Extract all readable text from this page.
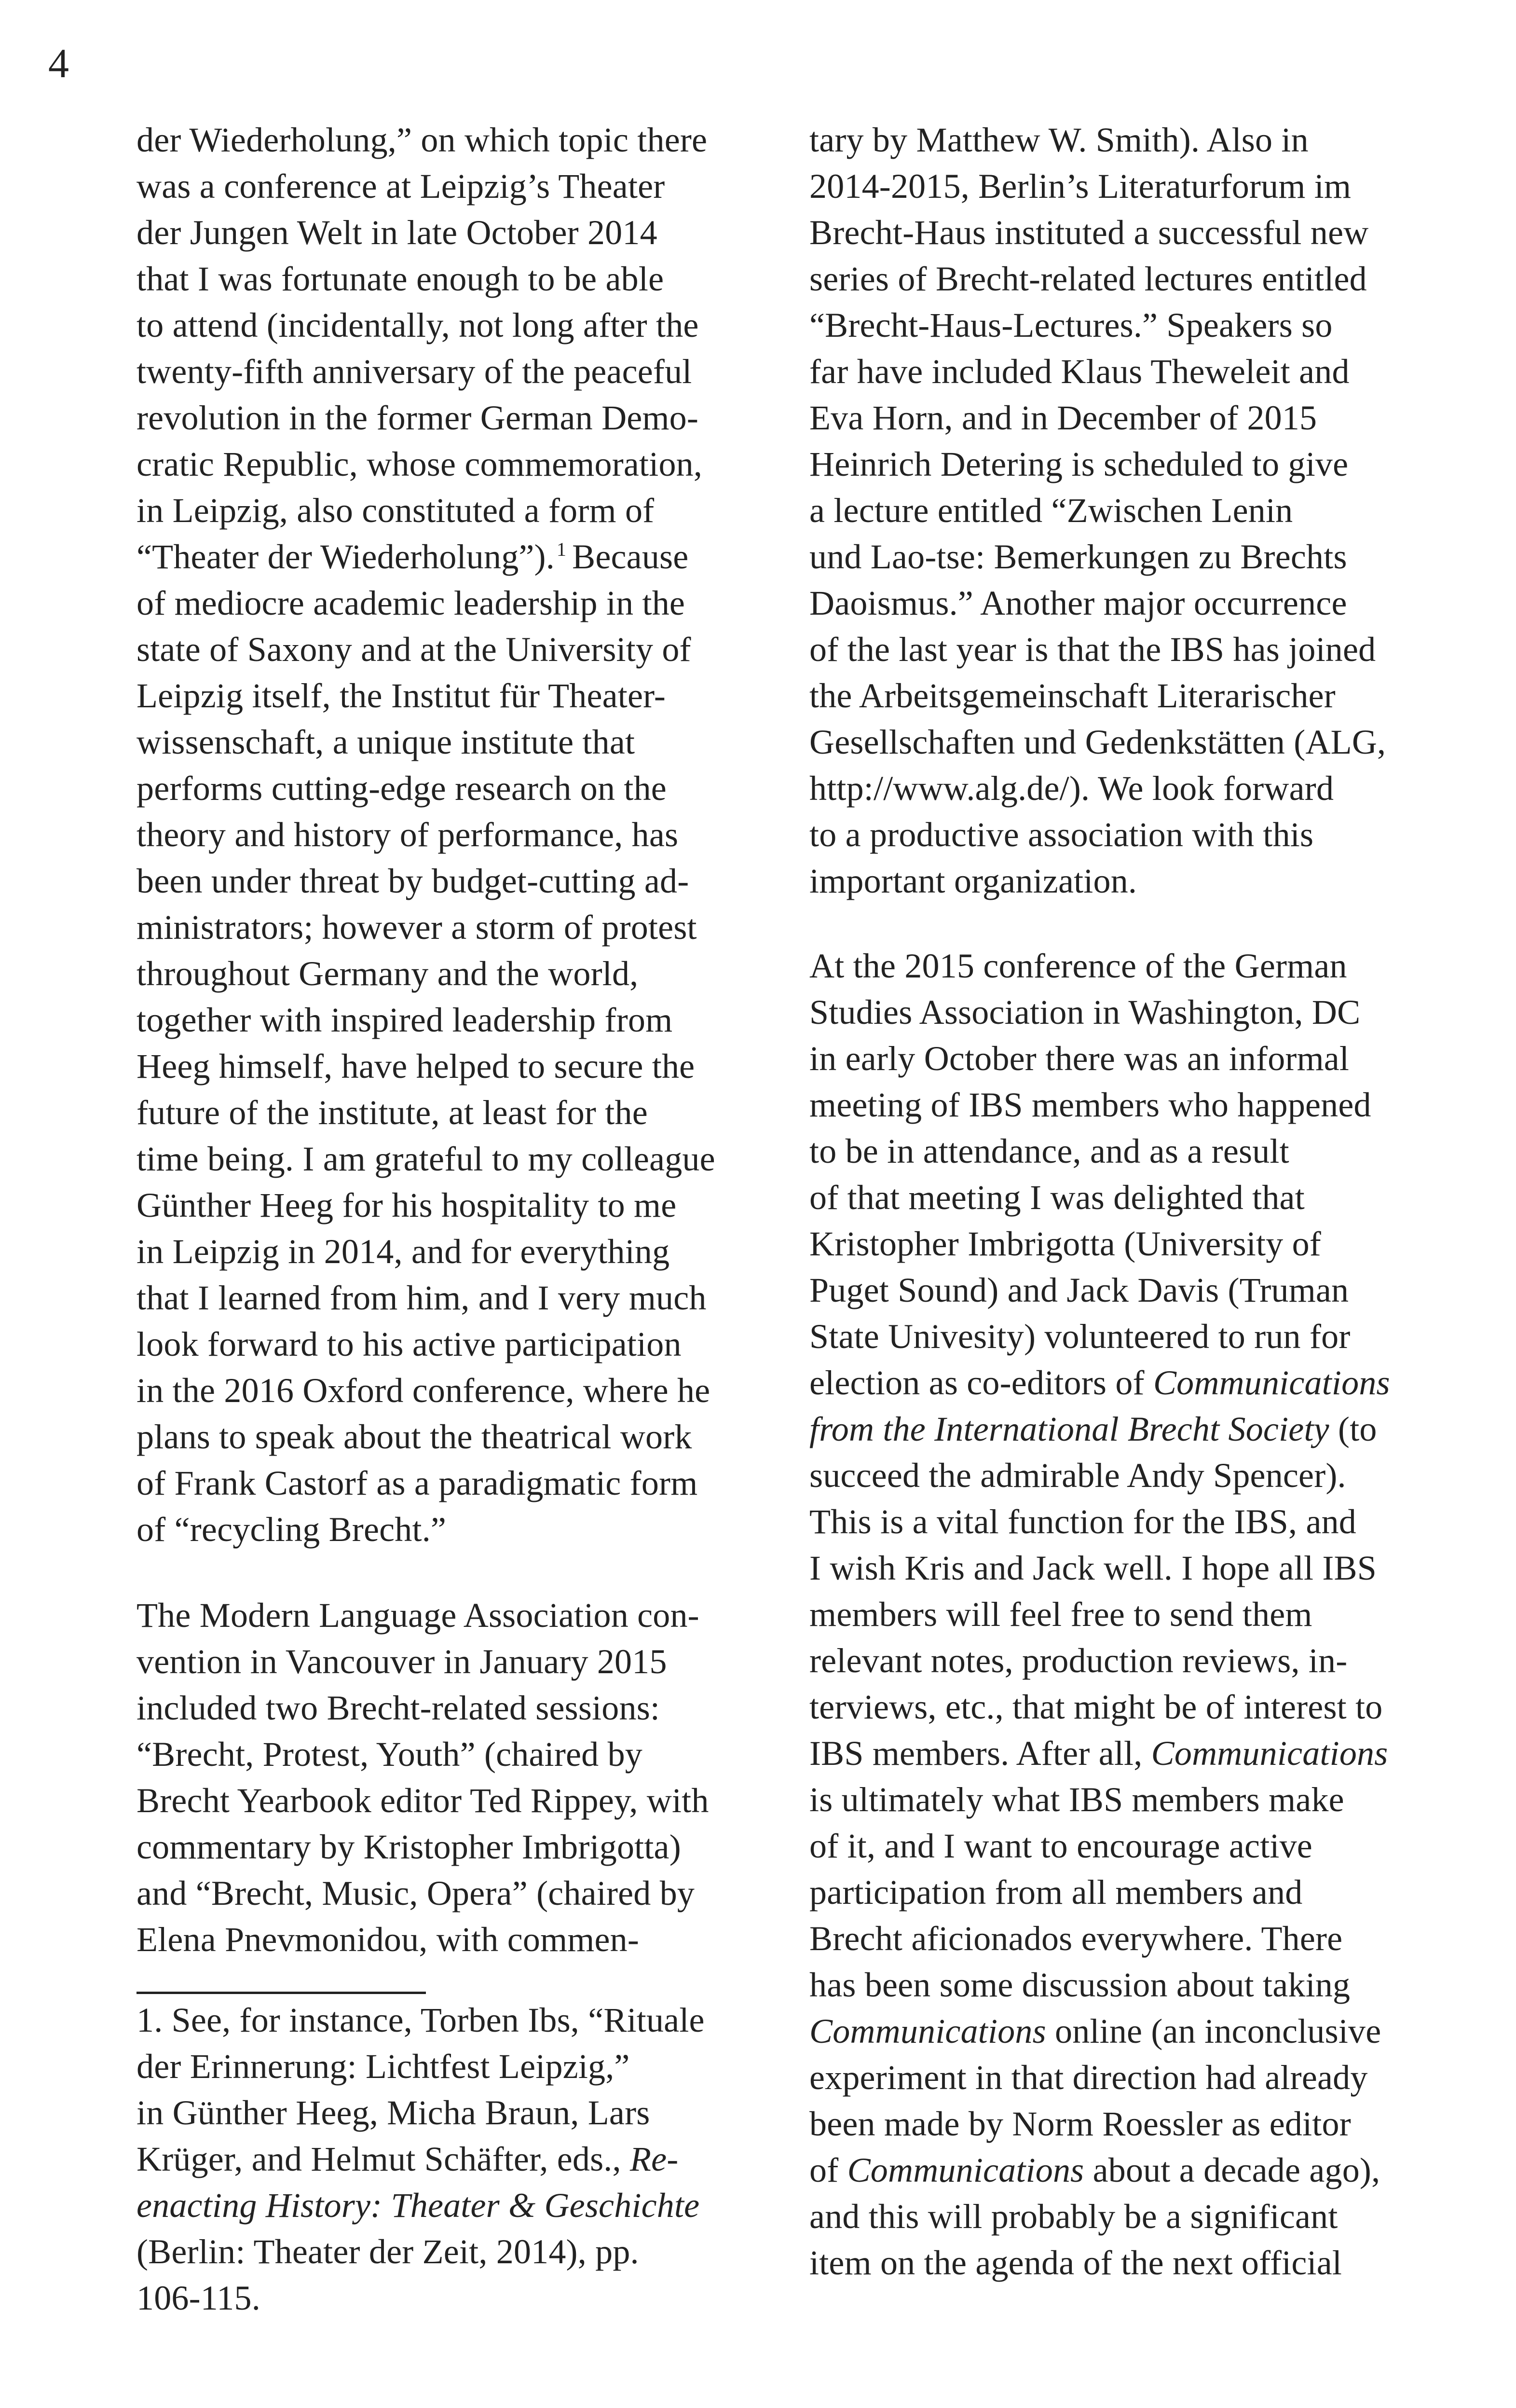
4
der Wiederholung,” on which topic there
was a conference at Leipzig’s Theater
der Jungen Welt in late October 2014
that I was fortunate enough to be able
to attend (incidentally, not long after the
twenty-fifth anniversary of the peaceful
revolution in the former German Demo-
cratic Republic, whose commemoration,
in Leipzig, also constituted a form of
“Theater der Wiederholung”). $^1$ Because
of mediocre academic leadership in the
state of Saxony and at the University of
Leipzig itself, the Institut für Theater-
wissenschaft, a unique institute that
performs cutting-edge research on the
theory and history of performance, has
been under threat by budget-cutting ad-
ministrators; however a storm of protest
throughout Germany and the world,
together with inspired leadership from
Heeg himself, have helped to secure the
future of the institute, at least for the
time being. I am grateful to my colleague
Günther Heeg for his hospitality to me
in Leipzig in 2014, and for everything
that I learned from him, and I very much
look forward to his active participation
in the 2016 Oxford conference, where he
plans to speak about the theatrical work
of Frank Castorf as a paradigmatic form
of “recycling Brecht.”
The Modern Language Association con-
vention in Vancouver in January 2015
included two Brecht-related sessions:
“Brecht, Protest, Youth” (chaired by
Brecht Yearbook editor Ted Rippey, with
commentary by Kristopher Imbrigotta)
and “Brecht, Music, Opera” (chaired by
Elena Pnevmonidou, with commen-
1. See, for instance, Torben Ibs, “Rituale
der Erinnerung: Lichtfest Leipzig,”
in Günther Heeg, Micha Braun, Lars
Krüger, and Helmut Schäfter, eds., Re-
enacting History: Theater & Geschichte
(Berlin: Theater der Zeit, 2014), pp.
106-115.
tary by Matthew W. Smith). Also in
2014-2015, Berlin’s Literaturforum im
Brecht-Haus instituted a successful new
series of Brecht-related lectures entitled
“Brecht-Haus-Lectures.” Speakers so
far have included Klaus Theweleit and
Eva Horn, and in December of 2015
Heinrich Detering is scheduled to give
a lecture entitled “Zwischen Lenin
und Lao-tse: Bemerkungen zu Brechts
Daoismus.” Another major occurrence
of the last year is that the IBS has joined
the Arbeitsgemeinschaft Literarischer
Gesellschaften und Gedenkstätten (ALG,
http://www.alg.de/). We look forward
to a productive association with this
important organization.
At the 2015 conference of the German
Studies Association in Washington, DC
in early October there was an informal
meeting of IBS members who happened
to be in attendance, and as a result
of that meeting I was delighted that
Kristopher Imbrigotta (University of
Puget Sound) and Jack Davis (Truman
State Univesity) volunteered to run for
election as co-editors of Communications
from the International Brecht Society (to
succeed the admirable Andy Spencer).
This is a vital function for the IBS, and
I wish Kris and Jack well. I hope all IBS
members will feel free to send them
relevant notes, production reviews, in-
terviews, etc., that might be of interest to
IBS members. After all, Communications
is ultimately what IBS members make
of it, and I want to encourage active
participation from all members and
Brecht aficionados everywhere. There
has been some discussion about taking
Communications online (an inconclusive
experiment in that direction had already
been made by Norm Roessler as editor
of Communications about a decade ago),
and this will probably be a significant
item on the agenda of the next official
